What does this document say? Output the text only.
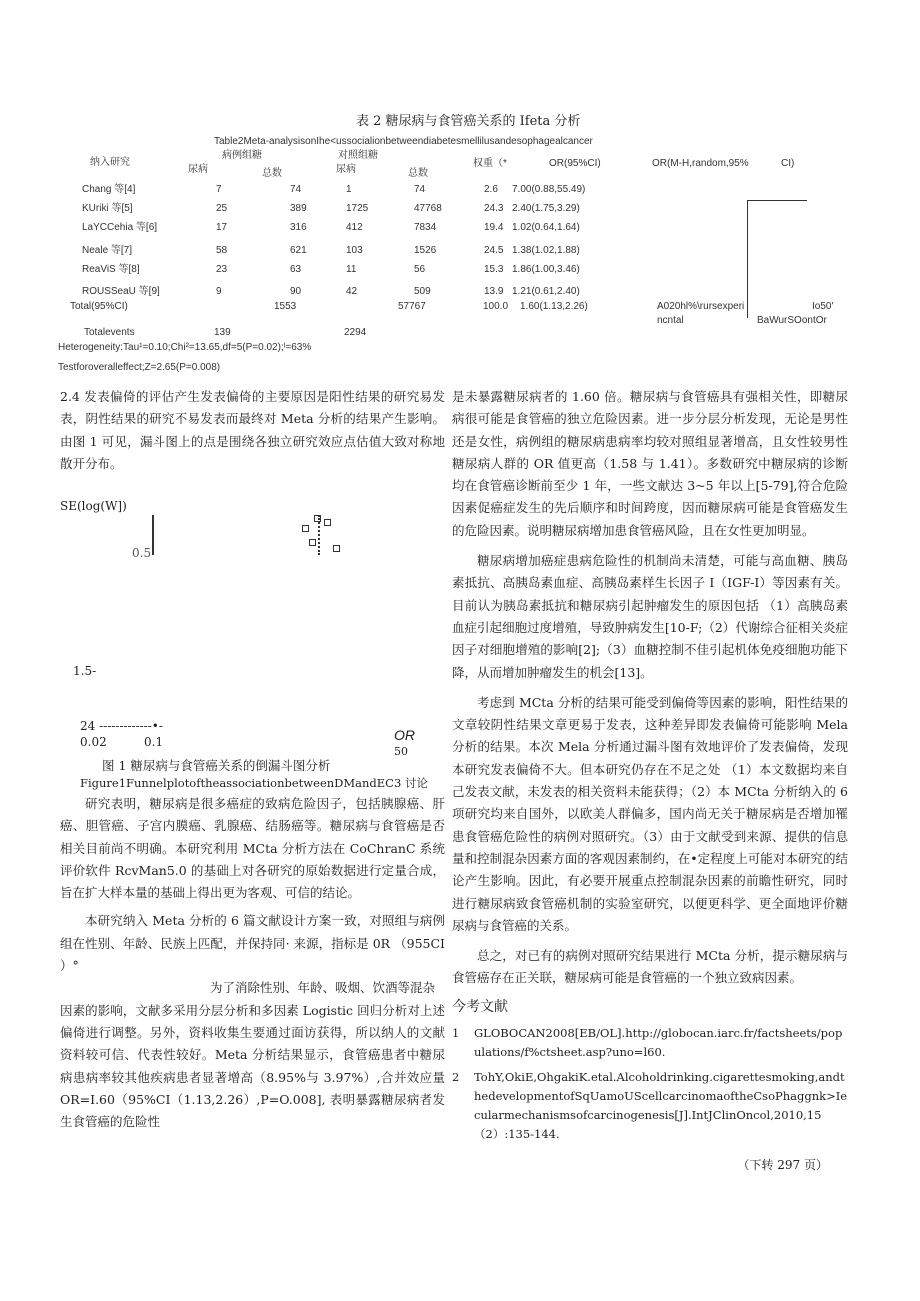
表 2 糖尿病与食管癌关系的 Ifeta 分析
Table2Meta-analysisonIhe<ussocialionbetweendiabetesmellilusandesophagealcancer
病例组糖	对照组糖
纳入研究
尿病	总数	尿病	总数
权重（*	OR(95%CI)	OR(M-H,random,95%	CI)
Chang 等[4]	7	74	1	74	2.6 7.00(0.88,55.49)
KUriki 等[5]	25	389	1725	47768	24.3 2.40(1.75,3.29)
LaYCCehia 等[6]	17	316	412	7834	19.4 1.02(0.64,1.64)
Neale 等[7]	58	621	103	1526	24.5 1.38(1.02,1.88)
ReaViS 等[8]	23	63	11	56	15.3 1.86(1.00,3.46)
ROUSSeaU 等[9]	9	90	42	509	13.9 1.21(0.61,2.40)
Total(95%CI)	1553	57767	100.0 1.60(1.13,2.26)	A020hl%\rursexperi
ncntal
Io50'
BaWurSOontOr
Totalevents	139	2294
Heterogeneity:Tau¹=0.10;Chi²=13.65,df=5(P=0.02);ᴵ=63%
Testforoveralleffect;Z=2.65(P=0.008)

2.4 发表偏倚的评估产生发表偏倚的主要原因是阳性结果的研究易发表，阴性结果的研究不易发表而最终对 Meta 分析的结果产生影响。由图 1 可见，漏斗图上的点是围绕各独立研究效应点估值大致对称地散开分布。

SE(log(W])
0.5
1.5-
24 -------------•-
0.02	0.1	OR
50
图 1 糖尿病与食管癌关系的倒漏斗图分析
Figure1FunnelplotoftheassociationbetweenDMandEC3 讨论

研究表明，糖尿病是很多癌症的致病危险因子，包括胰腺癌、肝癌、胆管癌、子宫内膜癌、乳腺癌、结肠癌等。糖尿病与食管癌是否相关目前尚不明确。本研究利用 MCta 分析方法在 CoChranC 系统评价软件 RcvMan5.0 的基础上对各研究的原始数据进行定量合成，旨在扩大样本量的基础上得出更为客观、可信的结论。

本研究纳入 Meta 分析的 6 篇文献设计方案一致，对照组与病例组在性别、年龄、民族上匹配，并保持同· 来源，指标是 0R （955CI ）°

为了消除性别、年龄、吸烟、饮酒等混杂

因素的影响，文献多采用分层分析和多因素 Logistic 回归分析对上述偏倚进行调整。另外，资料收集生要通过面访获得，所以纳人的文献资料较可信、代表性较好。Meta 分析结果显示，食管癌患者中糖尿病患病率较其他疾病患者显著增高（8.95%与 3.97%）,合并效应量 OR=I.60（95%CI（1.13,2.26）,P=O.008], 表明暴露糖尿病者发生食管癌的危险性

是未暴露糖尿病者的 1.60 倍。糖尿病与食管癌具有强相关性，即糖尿病很可能是食管癌的独立危险因素。进一步分层分析发现，无论是男性还是女性，病例组的糖尿病患病率均较对照组显著增高，且女性较男性糖尿病人群的 OR 值更高（1.58 与 1.41）。多数研究中糖尿病的诊断均在食管癌诊断前至少 1 年，一些文献达 3~5 年以上[5-79],符合危险因素促癌症发生的先后顺序和时间跨度，因而糖尿病可能是食管癌发生的危险因素。说明糖尿病增加患食管癌风险，且在女性更加明显。

糖尿病增加癌症患病危险性的机制尚未清楚，可能与高血糖、胰岛素抵抗、高胰岛素血症、高胰岛素样生长因子 I（IGF-I）等因素有关。目前认为胰岛素抵抗和糖尿病引起肿瘤发生的原因包括 （1）高胰岛素血症引起细胞过度增殖，导致肿病发生[10-F;（2）代谢综合征相关炎症因子对细胞增殖的影响[2];（3）血糖控制不佳引起机体免疫细胞功能下降，从而增加肿瘤发生的机会[13]。

考虑到 MCta 分析的结果可能受到偏倚等因素的影响，阳性结果的文章较阴性结果文章更易于发表，这种差异即发表偏倚可能影响 Mela 分析的结果。本次 Mela 分析通过漏斗图有效地评价了发表偏倚，发现本研究发表偏倚不大。但本研究仍存在不足之处 （1）本文数据均来自己发表文献，未发表的相关资料未能获得；（2）本 MCta 分析纳入的 6 项研究均来自国外，以欧美人群偏多，国内尚无关于糖尿病是否增加罹患食管癌危险性的病例对照研究。（3）由于文献受到来源、提供的信息量和控制混杂因素方面的客观因素制约，在•定程度上可能对本研究的结论产生影响。因此，有必要开展重点控制混杂因素的前瞻性研究，同时进行糖尿病致食管癌机制的实验室研究，以便更科学、更全面地评价糖尿病与食管癌的关系。

总之，对已有的病例对照研究结果进行 MCta 分析，提示糖尿病与食管癌存在正关联，糖尿病可能是食管癌的一个独立致病因素。

今考文献
1	GLOBOCAN2008[EB/OL].http://globocan.iarc.fr/factsheets/populations/f%ctsheet.asp?uno=l60.
2	TohY,OkiE,OhgakiK.etal.Alcoholdrinking.cigarettesmoking,andthedevelopmentofSqUamoUScellcarcinomaoftheCsoPhaggnk>Iecularmechanismsofcarcinogenesis[J].IntJClinOncol,2010,15（2）:135-144.
（下转 297 页）
